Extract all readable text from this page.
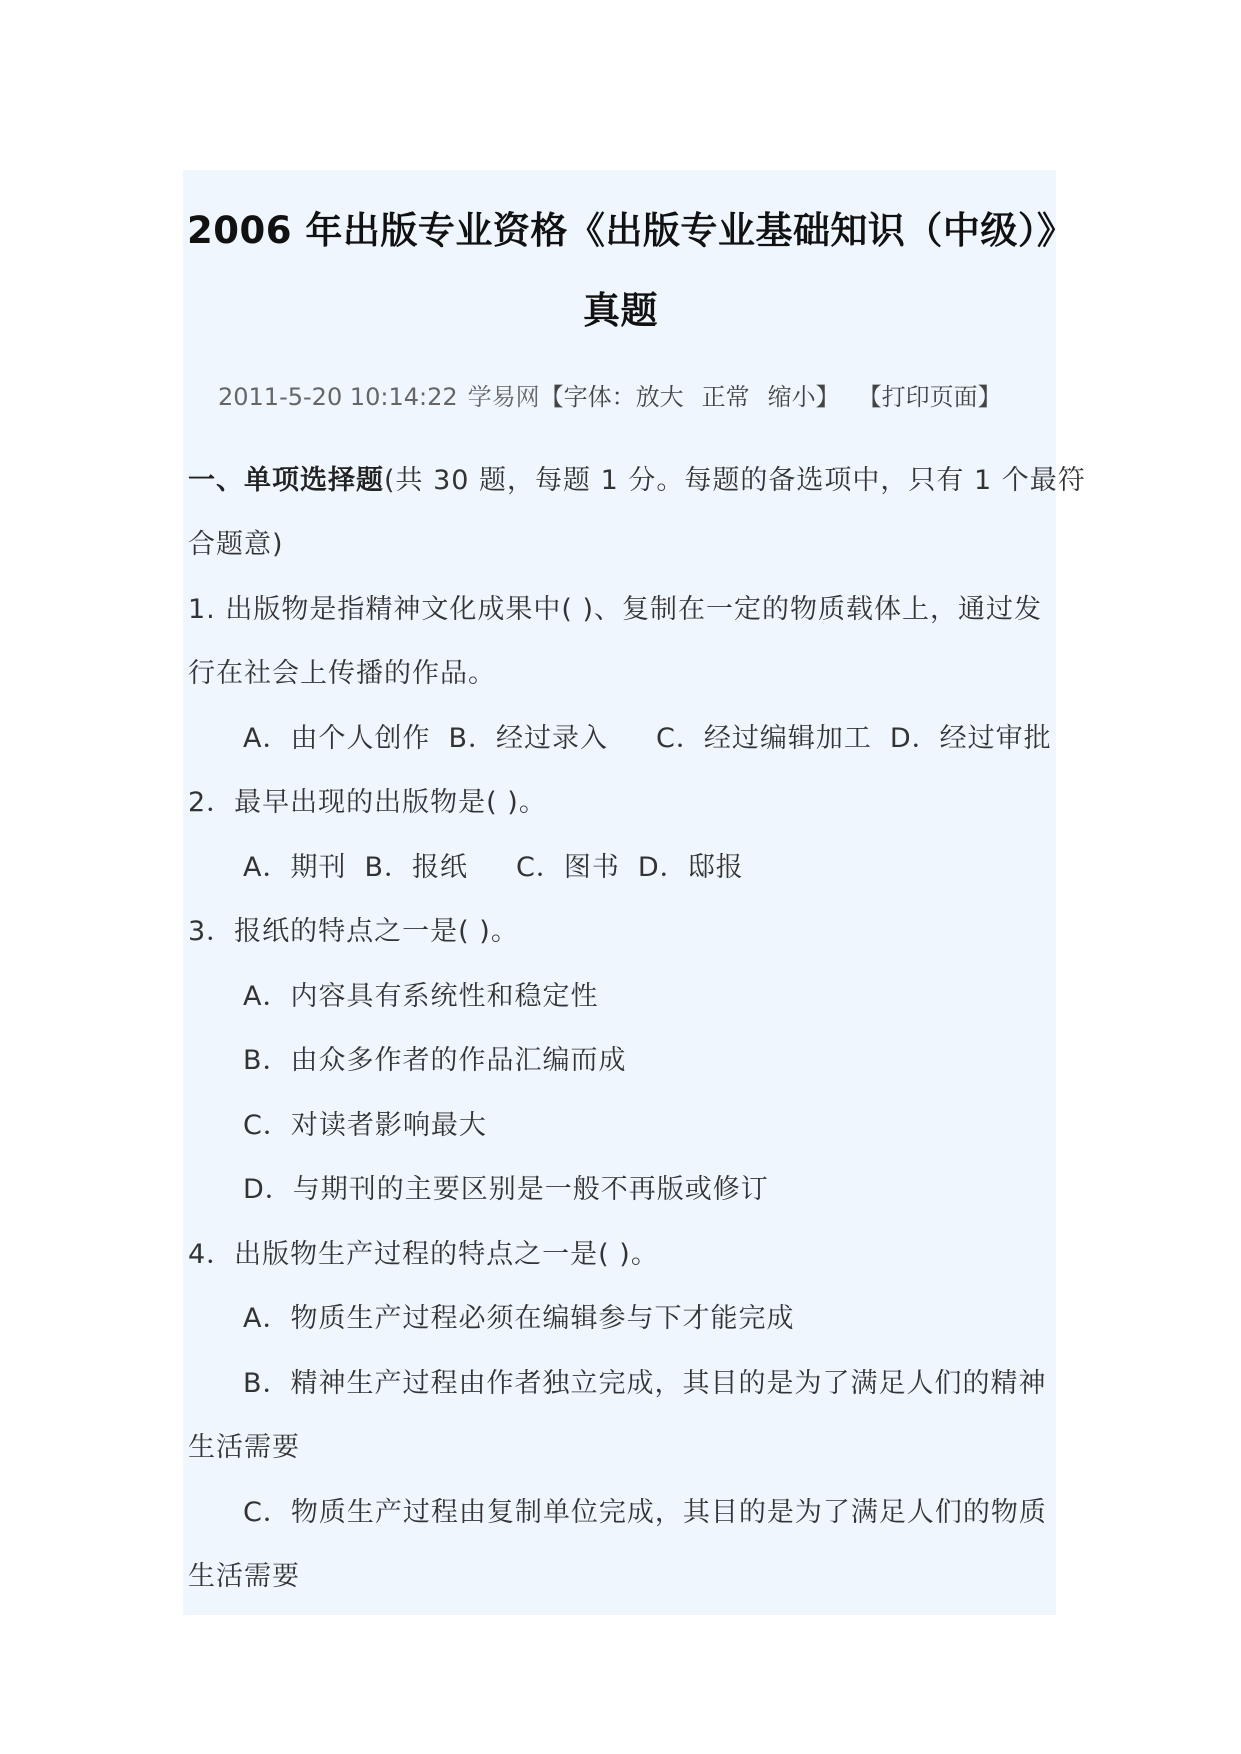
2006 年出版专业资格《出版专业基础知识（中级）》
真题
2011-5-20 10:14:22 学易网【字体：放大 正常 缩小】 【打印页面】
一、单项选择题(共 30 题，每题 1 分。每题的备选项中，只有 1 个最符
合题意)
1. 出版物是指精神文化成果中( )、复制在一定的物质载体上，通过发
行在社会上传播的作品。
A．由个人创作 B．经过录入 C．经过编辑加工 D．经过审批
2．最早出现的出版物是( )。
A．期刊 B．报纸 C．图书 D．邸报
3．报纸的特点之一是( )。
A．内容具有系统性和稳定性
B．由众多作者的作品汇编而成
C．对读者影响最大
D．与期刊的主要区别是一般不再版或修订
4．出版物生产过程的特点之一是( )。
A．物质生产过程必须在编辑参与下才能完成
B．精神生产过程由作者独立完成，其目的是为了满足人们的精神
生活需要
C．物质生产过程由复制单位完成，其目的是为了满足人们的物质
生活需要
